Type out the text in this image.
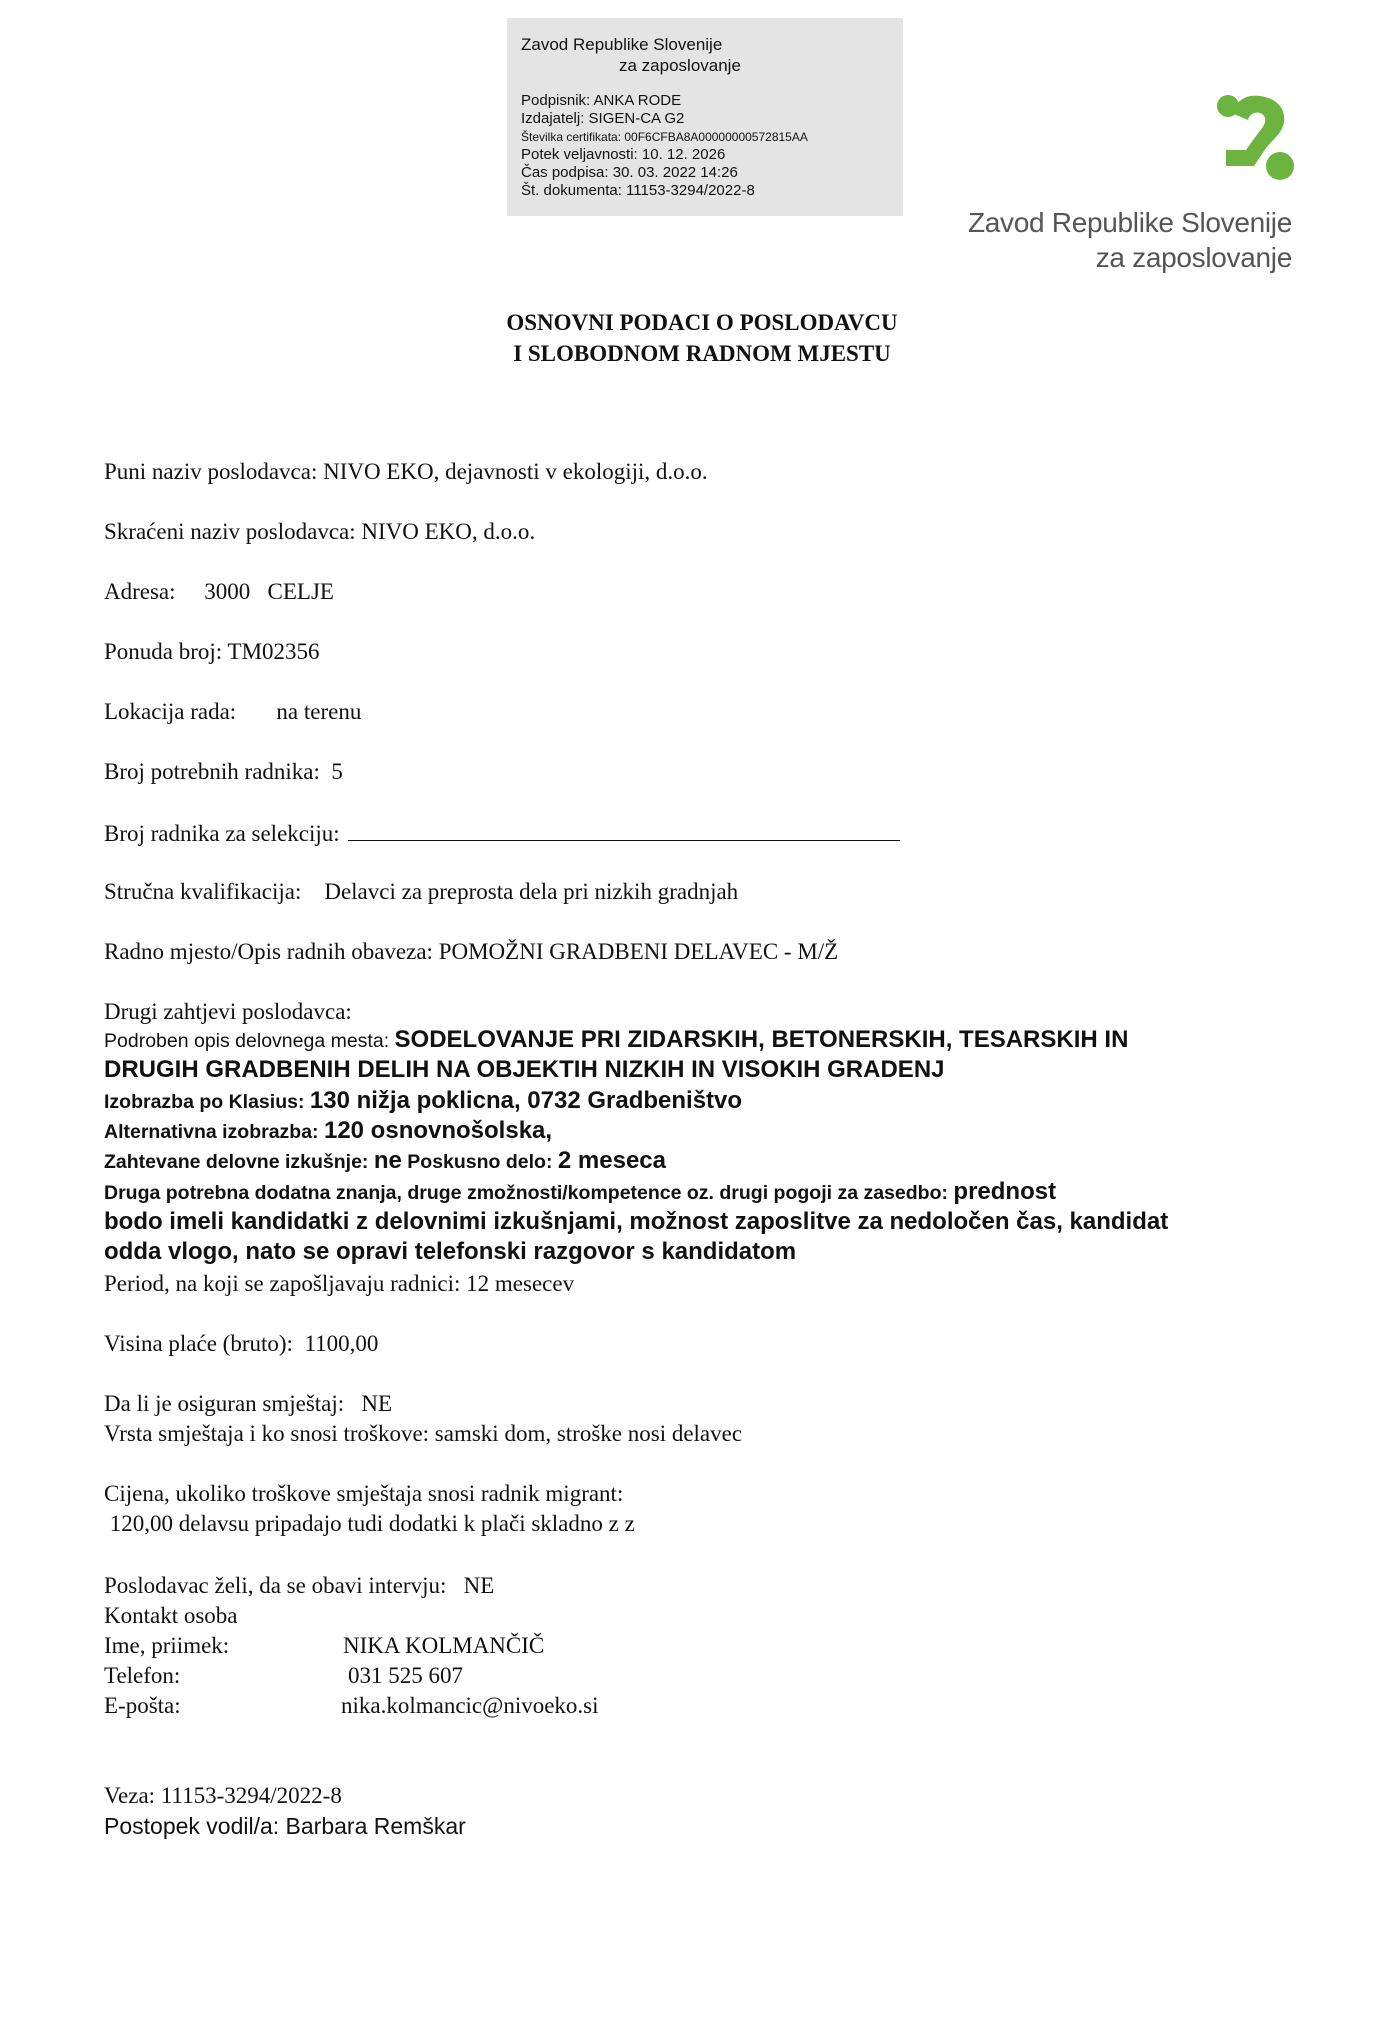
Zavod Republike Slovenije
za zaposlovanje
Podpisnik: ANKA RODE
Izdajatelj: SIGEN-CA G2
Številka certifikata: 00F6CFBA8A00000000572815AA
Potek veljavnosti: 10. 12. 2026
Čas podpisa: 30. 03. 2022 14:26
Št. dokumenta: 11153-3294/2022-8
Zavod Republike Slovenije
za zaposlovanje
OSNOVNI PODACI O POSLODAVCU
I SLOBODNOM RADNOM MJESTU
Puni naziv poslodavca: NIVO EKO, dejavnosti v ekologiji, d.o.o.
Skraćeni naziv poslodavca: NIVO EKO, d.o.o.
Adresa:     3000   CELJE
Ponuda broj: TM02356
Lokacija rada:       na terenu
Broj potrebnih radnika:  5
Broj radnika za selekciju:
Stručna kvalifikacija:    Delavci za preprosta dela pri nizkih gradnjah
Radno mjesto/Opis radnih obaveza: POMOŽNI GRADBENI DELAVEC - M/Ž
Drugi zahtjevi poslodavca:
Podroben opis delovnega mesta: SODELOVANJE PRI ZIDARSKIH, BETONERSKIH, TESARSKIH IN
DRUGIH GRADBENIH DELIH NA OBJEKTIH NIZKIH IN VISOKIH GRADENJ
Izobrazba po Klasius: 130 nižja poklicna, 0732 Gradbeništvo
Alternativna izobrazba: 120 osnovnošolska,
Zahtevane delovne izkušnje: ne Poskusno delo: 2 meseca
Druga potrebna dodatna znanja, druge zmožnosti/kompetence oz. drugi pogoji za zasedbo: prednost
bodo imeli kandidatki z delovnimi izkušnjami, možnost zaposlitve za nedoločen čas, kandidat
odda vlogo, nato se opravi telefonski razgovor s kandidatom
Period, na koji se zapošljavaju radnici: 12 mesecev
Visina plaće (bruto):  1100,00
Da li je osiguran smještaj:   NE
Vrsta smještaja i ko snosi troškove: samski dom, stroške nosi delavec
Cijena, ukoliko troškove smještaja snosi radnik migrant:
120,00 delavsu pripadajo tudi dodatki k plači skladno z z
Poslodavac želi, da se obavi intervju:   NE
Kontakt osoba
Ime, priimek:	NIKA KOLMANČIČ
Telefon:	031 525 607
E-pošta:	nika.kolmancic@nivoeko.si
Veza: 11153-3294/2022-8
Postopek vodil/a: Barbara Remškar
